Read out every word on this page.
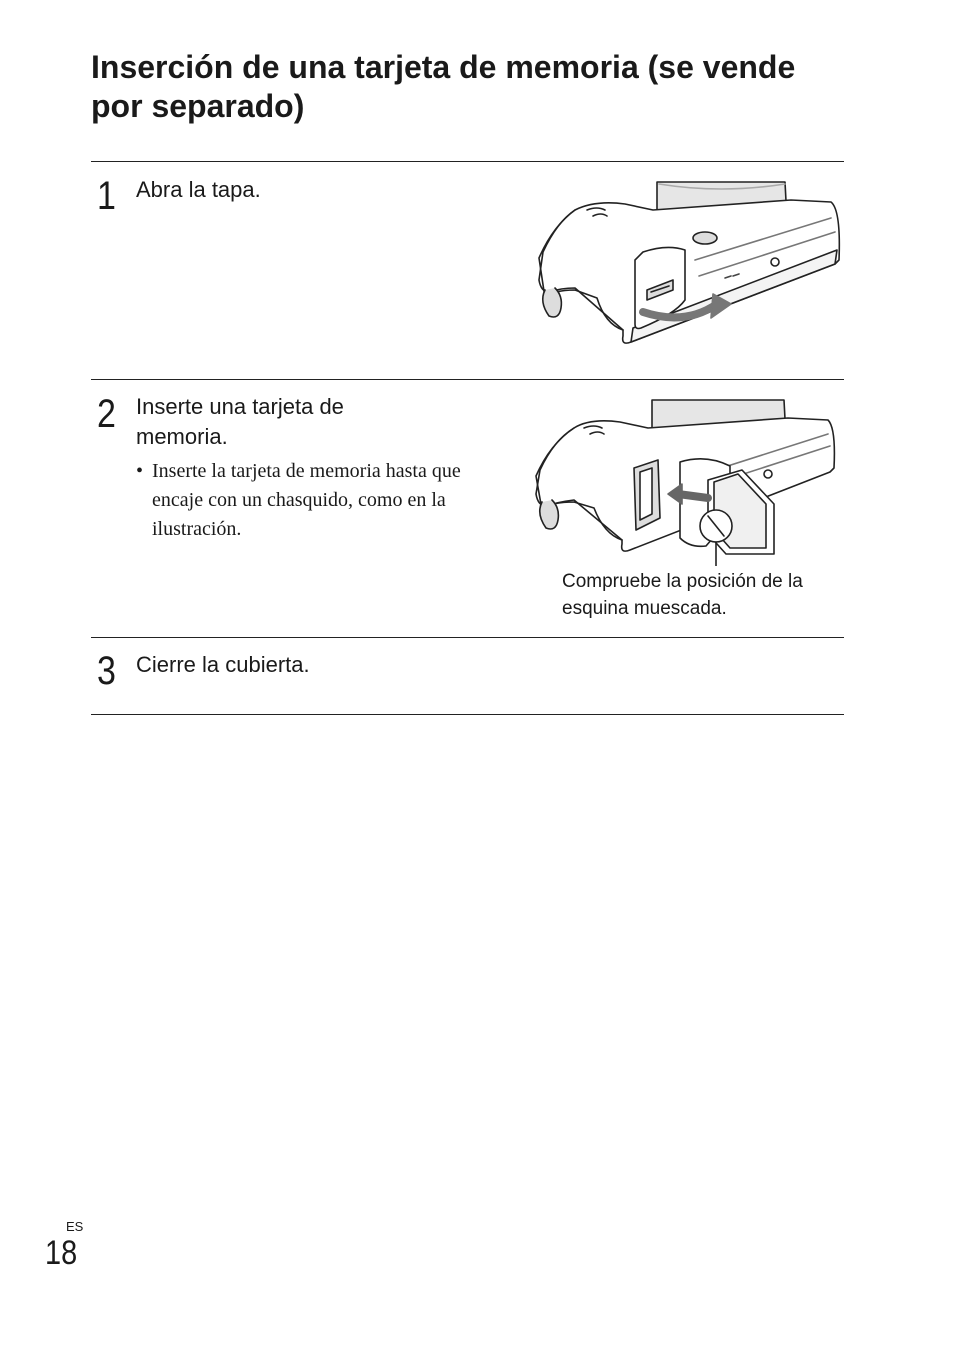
Inserción de una tarjeta de memoria (se vende por separado)
1 Abra la tapa.
2 Inserte una tarjeta de memoria.
• Inserte la tarjeta de memoria hasta que encaje con un chasquido, como en la ilustración.
Compruebe la posición de la esquina muescada.
3 Cierre la cubierta.
ES
18
